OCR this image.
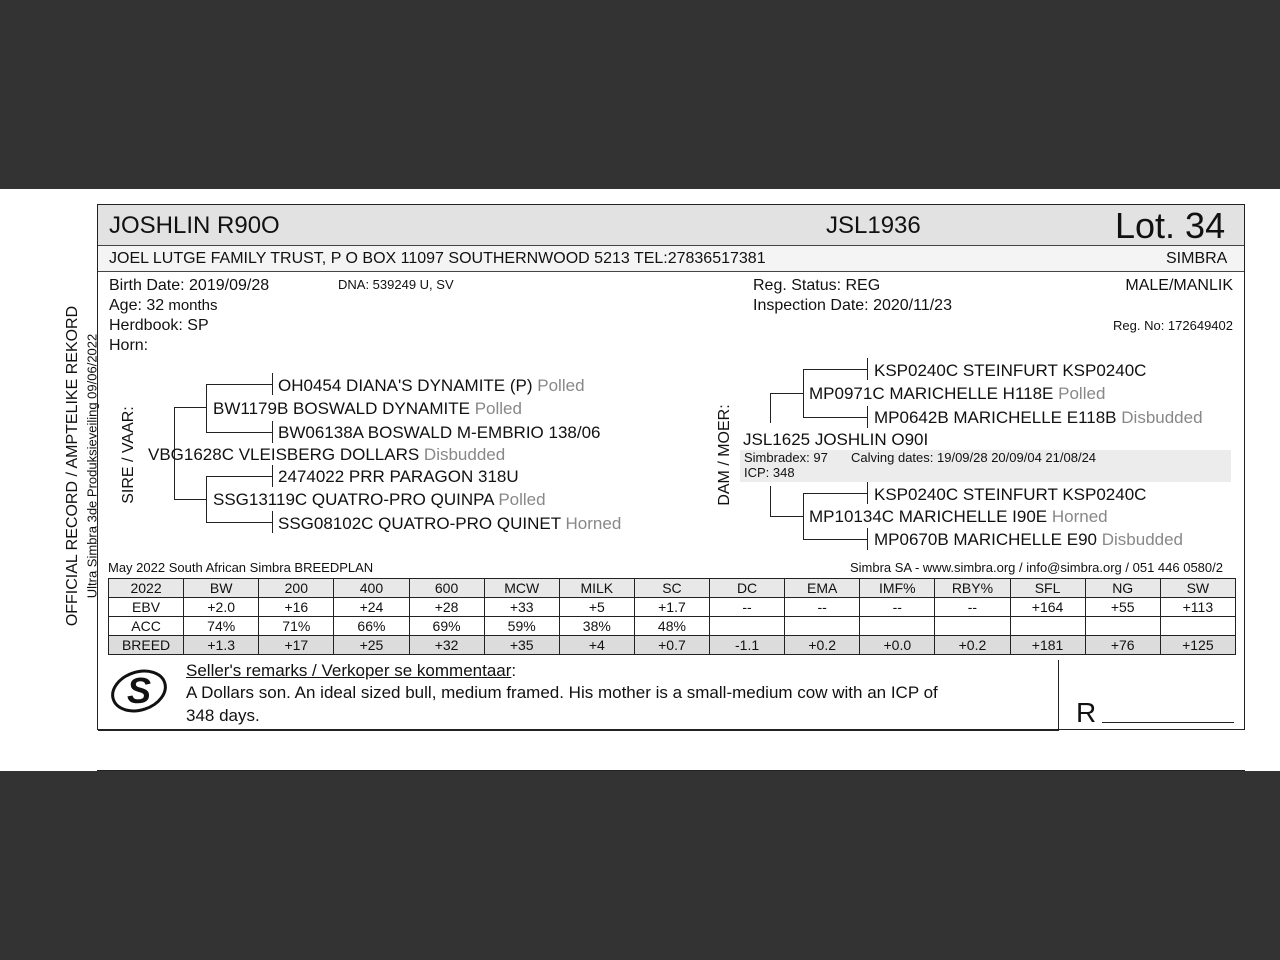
JOSHLIN R90O	JSL1936	Lot. 34
JOEL LUTGE FAMILY TRUST, P O BOX 11097 SOUTHERNWOOD 5213 TEL:27836517381	SIMBRA
Birth Date: 2019/09/28	DNA: 539249 U, SV
Age: 32 months
Herdbook: SP
Horn:
Reg. Status: REG
Inspection Date: 2020/11/23
MALE/MANLIK
Reg. No: 172649402
OFFICIAL RECORD / AMPTELIKE REKORD Ultra Simbra 3de Produksieveiling 09/06/2022 SIRE / VAAR:	DAM / MOER:
OH0454 DIANA'S DYNAMITE (P) Polled
BW1179B BOSWALD DYNAMITE Polled
BW06138A BOSWALD M-EMBRIO 138/06
VBG1628C VLEISBERG DOLLARS Disbudded
2474022 PRR PARAGON 318U
SSG13119C QUATRO-PRO QUINPA Polled
SSG08102C QUATRO-PRO QUINET Horned
KSP0240C STEINFURT KSP0240C
MP0971C MARICHELLE H118E Polled
MP0642B MARICHELLE E118B Disbudded
JSL1625 JOSHLIN O90I
Simbradex: 97 Calving dates: 19/09/28 20/09/04 21/08/24
ICP: 348
KSP0240C STEINFURT KSP0240C
MP10134C MARICHELLE I90E Horned
MP0670B MARICHELLE E90 Disbudded
May 2022 South African Simbra BREEDPLAN	Simbra SA - www.simbra.org / info@simbra.org / 051 446 0580/2
2022	BW	200	400	600	MCW	MILK	SC	DC	EMA	IMF%	RBY%	SFL	NG	SW
EBV	+2.0	+16	+24	+28	+33	+5	+1.7	--	--	--	--	+164	+55	+113
ACC	74%	71%	66%	69%	59%	38%	48%							
BREED	+1.3	+17	+25	+32	+35	+4	+0.7	-1.1	+0.2	+0.0	+0.2	+181	+76	+125
S Seller's remarks / Verkoper se kommentaar:
A Dollars son. An ideal sized bull, medium framed. His mother is a small-medium cow with an ICP of
348 days.	R
